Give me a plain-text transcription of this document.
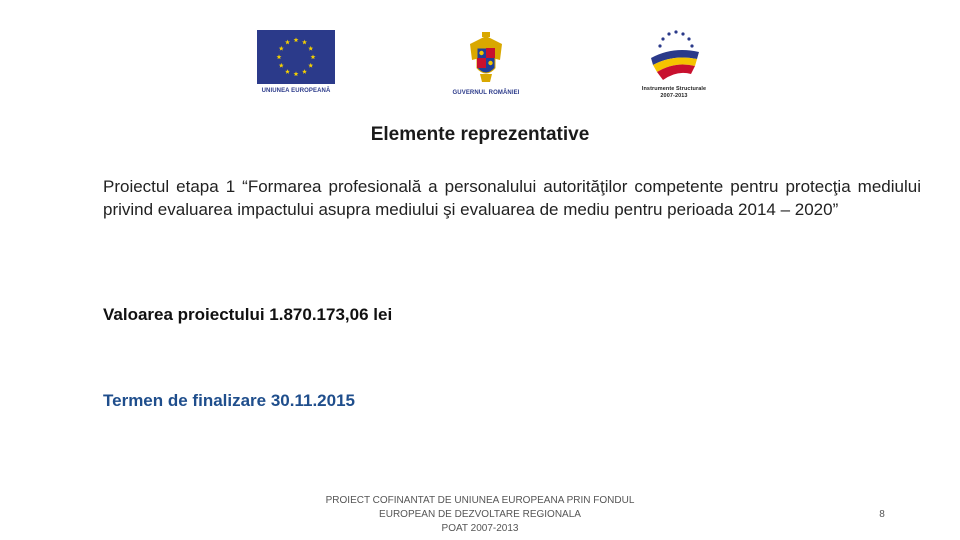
UNIUNEA EUROPEANĂ	GUVERNUL ROMÂNIEI
Instrumente Structurale
2007-2013
Elemente reprezentative
Proiectul etapa 1 “Formarea profesională a personalului autorităţilor competente pentru protecţia mediului privind evaluarea impactului asupra mediului şi evaluarea de mediu pentru perioada 2014 – 2020”
Valoarea proiectului 1.870.173,06 lei
Termen de finalizare 30.11.2015
PROIECT COFINANTAT DE UNIUNEA EUROPEANA PRIN FONDUL
EUROPEAN DE DEZVOLTARE REGIONALA
POAT 2007-2013
8
